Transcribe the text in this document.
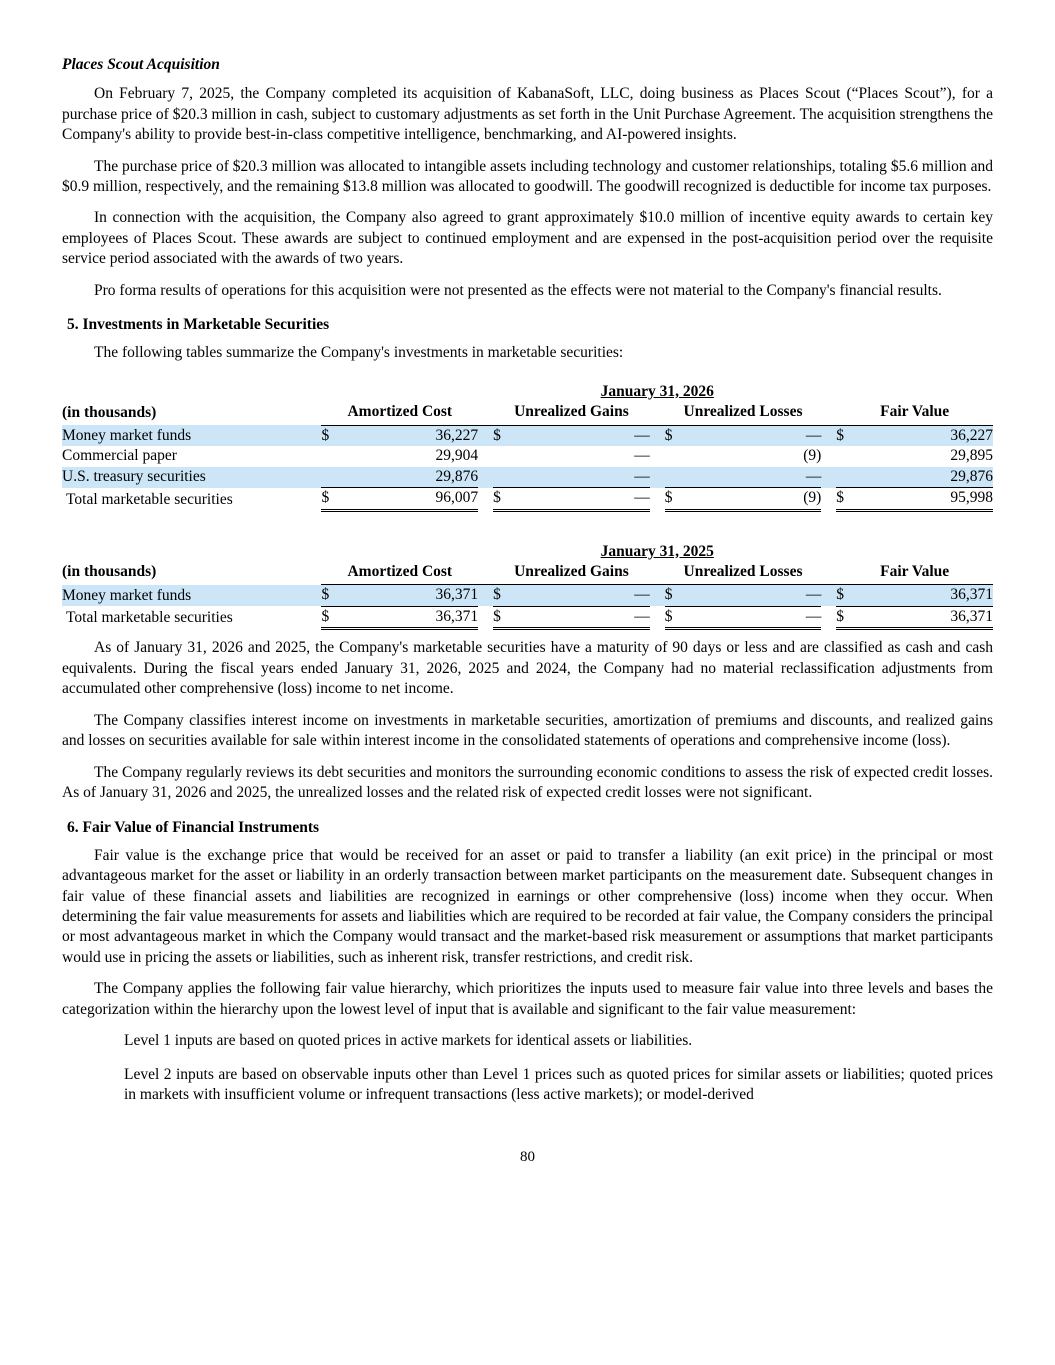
Places Scout Acquisition

On February 7, 2025, the Company completed its acquisition of KabanaSoft, LLC, doing business as Places Scout (“Places Scout”), for a purchase price of $20.3 million in cash, subject to customary adjustments as set forth in the Unit Purchase Agreement. The acquisition strengthens the Company's ability to provide best-in-class competitive intelligence, benchmarking, and AI-powered insights.

The purchase price of $20.3 million was allocated to intangible assets including technology and customer relationships, totaling $5.6 million and $0.9 million, respectively, and the remaining $13.8 million was allocated to goodwill. The goodwill recognized is deductible for income tax purposes.

In connection with the acquisition, the Company also agreed to grant approximately $10.0 million of incentive equity awards to certain key employees of Places Scout. These awards are subject to continued employment and are expensed in the post-acquisition period over the requisite service period associated with the awards of two years.

Pro forma results of operations for this acquisition were not presented as the effects were not material to the Company's financial results.

5. Investments in Marketable Securities

The following tables summarize the Company's investments in marketable securities:

	January 31, 2026										
(in thousands)	Amortized Cost			Unrealized Gains			Unrealized Losses			Fair Value	
Money market funds	$	36,227		$	—		$	—		$	36,227
Commercial paper		29,904			—			(9)			29,895
U.S. treasury securities		29,876			—			—			29,876
Total marketable securities	$	96,007		$	—		$	(9)		$	95,998
	January 31, 2025										
(in thousands)	Amortized Cost			Unrealized Gains			Unrealized Losses			Fair Value	
Money market funds	$	36,371		$	—		$	—		$	36,371
Total marketable securities	$	36,371		$	—		$	—		$	36,371

As of January 31, 2026 and 2025, the Company's marketable securities have a maturity of 90 days or less and are classified as cash and cash equivalents. During the fiscal years ended January 31, 2026, 2025 and 2024, the Company had no material reclassification adjustments from accumulated other comprehensive (loss) income to net income.

The Company classifies interest income on investments in marketable securities, amortization of premiums and discounts, and realized gains and losses on securities available for sale within interest income in the consolidated statements of operations and comprehensive income (loss).

The Company regularly reviews its debt securities and monitors the surrounding economic conditions to assess the risk of expected credit losses. As of January 31, 2026 and 2025, the unrealized losses and the related risk of expected credit losses were not significant.

6. Fair Value of Financial Instruments

Fair value is the exchange price that would be received for an asset or paid to transfer a liability (an exit price) in the principal or most advantageous market for the asset or liability in an orderly transaction between market participants on the measurement date. Subsequent changes in fair value of these financial assets and liabilities are recognized in earnings or other comprehensive (loss) income when they occur. When determining the fair value measurements for assets and liabilities which are required to be recorded at fair value, the Company considers the principal or most advantageous market in which the Company would transact and the market-based risk measurement or assumptions that market participants would use in pricing the assets or liabilities, such as inherent risk, transfer restrictions, and credit risk.

The Company applies the following fair value hierarchy, which prioritizes the inputs used to measure fair value into three levels and bases the categorization within the hierarchy upon the lowest level of input that is available and significant to the fair value measurement:

Level 1 inputs are based on quoted prices in active markets for identical assets or liabilities.

Level 2 inputs are based on observable inputs other than Level 1 prices such as quoted prices for similar assets or liabilities; quoted prices in markets with insufficient volume or infrequent transactions (less active markets); or model-derived

80
